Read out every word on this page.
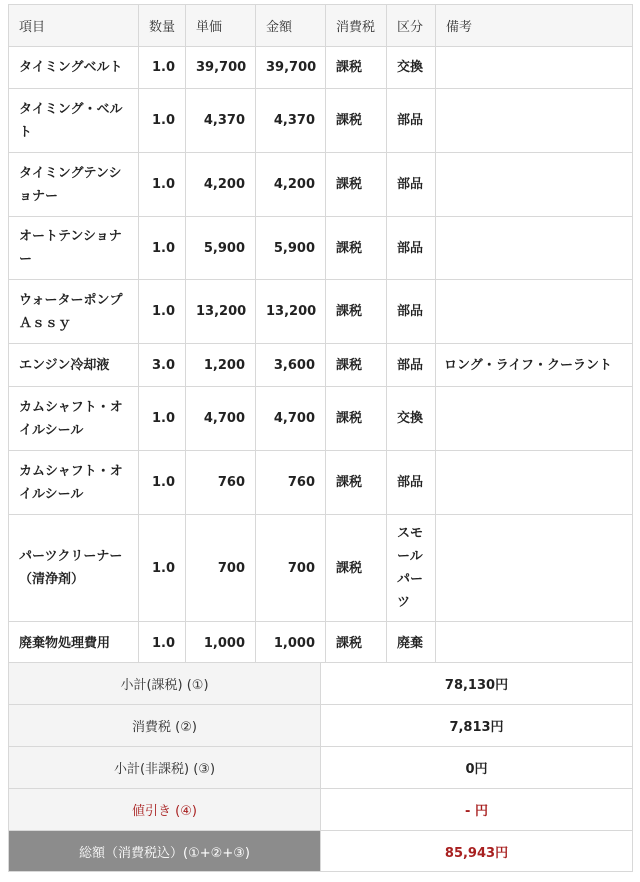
項目	数量	単価	金額	消費税	区分	備考
タイミングベルト	1.0	39,700	39,700	課税	交換	
タイミング・ベルト	1.0	4,370	4,370	課税	部品	
タイミングテンショナー	1.0	4,200	4,200	課税	部品	
オートテンショナー	1.0	5,900	5,900	課税	部品	
ウォーターポンプＡｓｓｙ	1.0	13,200	13,200	課税	部品	
エンジン冷却液	3.0	1,200	3,600	課税	部品	ロング・ライフ・クーラント
カムシャフト・オイルシール	1.0	4,700	4,700	課税	交換	
カムシャフト・オイルシール	1.0	760	760	課税	部品	
パーツクリーナー（清浄剤）	1.0	700	700	課税	スモールパーツ	
廃棄物処理費用	1.0	1,000	1,000	課税	廃棄	
小計(課税) (①)	78,130円
消費税 (②)	7,813円
小計(非課税) (③)	0円
値引き (④)	- 円
総額（消費税込）(①+②+③)	85,943円
